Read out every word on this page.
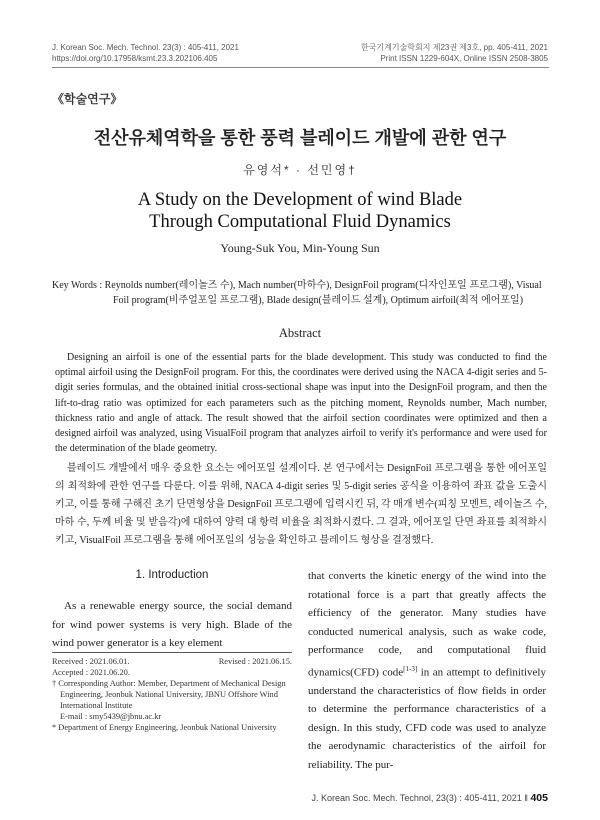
J. Korean Soc. Mech. Technol. 23(3) : 405-411, 2021
https://doi.org/10.17958/ksmt.23.3.202106.405
한국기계기술학회지 제23권 제3호, pp. 405-411, 2021
Print ISSN 1229-604X, Online ISSN 2508-3805
《학술연구》
전산유체역학을 통한 풍력 블레이드 개발에 관한 연구
유영석* · 선민영†
A Study on the Development of wind Blade
Through Computational Fluid Dynamics
Young-Suk You, Min-Young Sun
Key Words : Reynolds number(레이놀즈 수), Mach number(마하수), DesignFoil program(디자인포일 프로그램), Visual
Foil program(비주얼포일 프로그램), Blade design(블레이드 설계), Optimum airfoil(최적 에어포일)
Abstract
Designing an airfoil is one of the essential parts for the blade development. This study was conducted to find the optimal airfoil using the DesignFoil program. For this, the coordinates were derived using the NACA 4-digit series and 5-digit series formulas, and the obtained initial cross-sectional shape was input into the DesignFoil program, and then the lift-to-drag ratio was optimized for each parameters such as the pitching moment, Reynolds number, Mach number, thickness ratio and angle of attack. The result showed that the airfoil section coordinates were optimized and then a designed airfoil was analyzed, using VisualFoil program that analyzes airfoil to verify it's performance and were used for the determination of the blade geometry.
블레이드 개발에서 매우 중요한 요소는 에어포일 설계이다. 본 연구에서는 DesignFoil 프로그램을 통한 에어포일의 최적화에 관한 연구를 다룬다. 이를 위해, NACA 4-digit series 및 5-digit series 공식을 이용하여 좌표 값을 도출시키고, 이를 통해 구해진 초기 단면형상을 DesignFoil 프로그램에 입력시킨 뒤, 각 매개 변수(피칭 모멘트, 레이놀즈 수, 마하 수, 두께 비율 및 받음각)에 대하여 양력 대 항력 비율을 최적화시켰다. 그 결과, 에어포일 단면 좌표를 최적화시키고, VisualFoil 프로그램을 통해 에어포일의 성능을 확인하고 블레이드 형상을 결정했다.
1. Introduction
As a renewable energy source, the social demand for wind power systems is very high. Blade of the wind power generator is a key element
Received : 2021.06.01.	Revised : 2021.06.15.
Accepted : 2021.06.20.
† Corresponding Author: Member, Department of Mechanical Design Engineering, Jeonbuk National University, JBNU Offshore Wind International Institute
E-mail : smy5439@jbnu.ac.kr
* Department of Energy Engineering, Jeonbuk National University
that converts the kinetic energy of the wind into the rotational force is a part that greatly affects the efficiency of the generator. Many studies have conducted numerical analysis, such as wake code, performance code, and computational fluid dynamics(CFD) code[1-3] in an attempt to definitively understand the characteristics of flow fields in order to determine the performance characteristics of a design. In this study, CFD code was used to analyze the aerodynamic characteristics of the airfoil for reliability. The pur-
J. Korean Soc. Mech. Technol, 23(3) : 405-411, 2021 ‖ 405
